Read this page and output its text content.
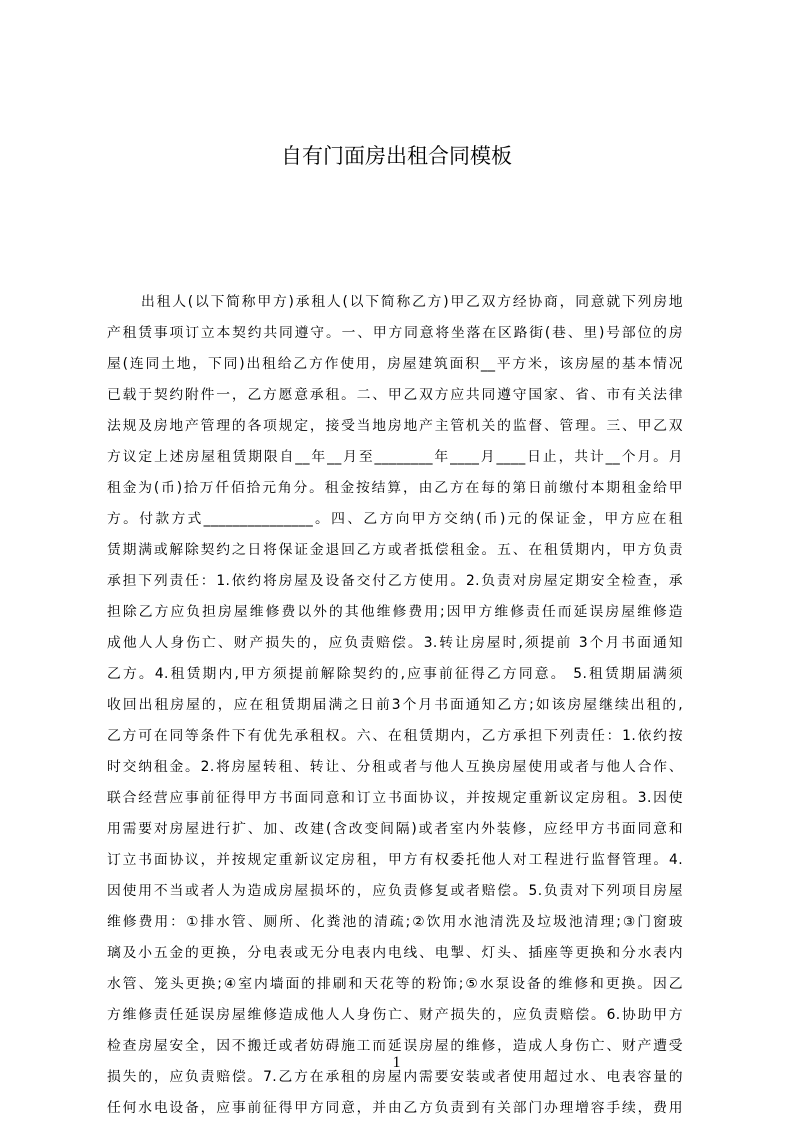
自有门面房出租合同模板
出租人(以下简称甲方)承租人(以下简称乙方)甲乙双方经协商，同意就下列房地
产租赁事项订立本契约共同遵守。一、甲方同意将坐落在区路街(巷、里)号部位的房
屋(连同土地，下同)出租给乙方作使用，房屋建筑面积__平方米，该房屋的基本情况
已载于契约附件一，乙方愿意承租。二、甲乙双方应共同遵守国家、省、市有关法律
法规及房地产管理的各项规定，接受当地房地产主管机关的监督、管理。三、甲乙双
方议定上述房屋租赁期限自__年__月至________年____月____日止，共计__个月。月
租金为(币)拾万仟佰拾元角分。租金按结算，由乙方在每的第日前缴付本期租金给甲
方。付款方式_______________。四、乙方向甲方交纳(币)元的保证金，甲方应在租
赁期满或解除契约之日将保证金退回乙方或者抵偿租金。五、在租赁期内，甲方负责
承担下列责任：1.依约将房屋及设备交付乙方使用。2.负责对房屋定期安全检查，承
担除乙方应负担房屋维修费以外的其他维修费用;因甲方维修责任而延误房屋维修造
成他人人身伤亡、财产损失的，应负责赔偿。3.转让房屋时,须提前 3个月书面通知
乙方。4.租赁期内,甲方须提前解除契约的,应事前征得乙方同意。 5.租赁期届满须
收回出租房屋的，应在租赁期届满之日前3个月书面通知乙方;如该房屋继续出租的,
乙方可在同等条件下有优先承租权。六、在租赁期内，乙方承担下列责任：1.依约按
时交纳租金。2.将房屋转租、转让、分租或者与他人互换房屋使用或者与他人合作、
联合经营应事前征得甲方书面同意和订立书面协议，并按规定重新议定房租。3.因使
用需要对房屋进行扩、加、改建(含改变间隔)或者室内外装修，应经甲方书面同意和
订立书面协议，并按规定重新议定房租，甲方有权委托他人对工程进行监督管理。4.
因使用不当或者人为造成房屋损坏的，应负责修复或者赔偿。5.负责对下列项目房屋
维修费用：①排水管、厕所、化粪池的清疏;②饮用水池清洗及垃圾池清理;③门窗玻
璃及小五金的更换，分电表或无分电表内电线、电掣、灯头、插座等更换和分水表内
水管、笼头更换;④室内墙面的排刷和天花等的粉饰;⑤水泵设备的维修和更换。因乙
方维修责任延误房屋维修造成他人人身伤亡、财产损失的，应负责赔偿。6.协助甲方
检查房屋安全，因不搬迁或者妨碍施工而延误房屋的维修，造成人身伤亡、财产遭受
损失的，应负责赔偿。7.乙方在承租的房屋内需要安装或者使用超过水、电表容量的
任何水电设备，应事前征得甲方同意，并由乙方负责到有关部门办理增容手续，费用
1
